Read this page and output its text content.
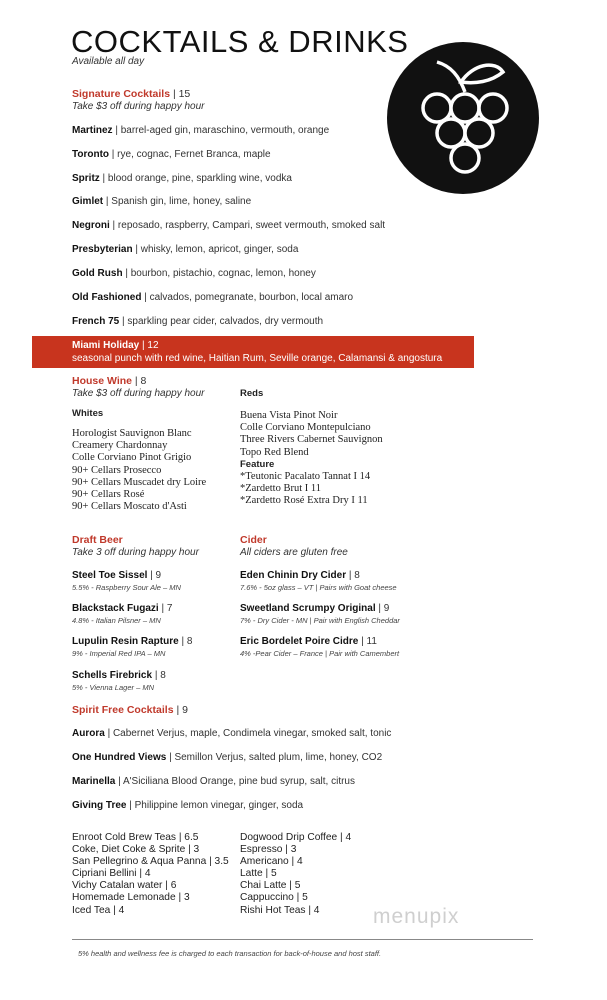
COCKTAILS & DRINKS
Available all day
Signature Cocktails | 15
Take $3 off during happy hour
Martinez | barrel-aged gin, maraschino, vermouth, orange
Toronto | rye, cognac, Fernet Branca, maple
Spritz | blood orange, pine, sparkling wine, vodka
Gimlet | Spanish gin, lime, honey, saline
Negroni | reposado, raspberry, Campari, sweet vermouth, smoked salt
Presbyterian | whisky, lemon, apricot, ginger, soda
Gold Rush | bourbon, pistachio, cognac, lemon, honey
Old Fashioned | calvados, pomegranate, bourbon, local amaro
French 75 | sparkling pear cider, calvados, dry vermouth
Miami Holiday | 12
seasonal punch with red wine, Haitian Rum, Seville orange, Calamansi & angostura
House Wine | 8
Take $3 off during happy hour
Whites
Horologist Sauvignon Blanc
Creamery Chardonnay
Colle Corviano Pinot Grigio
90+ Cellars Prosecco
90+ Cellars Muscadet dry Loire
90+ Cellars Rosé
90+ Cellars Moscato d'Asti
Reds
Buena Vista Pinot Noir
Colle Corviano Montepulciano
Three Rivers Cabernet Sauvignon
Topo Red Blend
Feature
*Teutonic Pacalato Tannat I 14
*Zardetto Brut I 11
*Zardetto Rosé Extra Dry I 11
Draft Beer
Take 3 off during happy hour
Steel Toe Sissel | 9
5.5% - Raspberry Sour Ale – MN
Blackstack Fugazi | 7
4.8% - Italian Pilsner – MN
Lupulin Resin Rapture | 8
9% - Imperial Red IPA – MN
Schells Firebrick | 8
5% - Vienna Lager – MN
Cider
All ciders are gluten free
Eden Chinin Dry Cider | 8
7.6% - 5oz glass – VT | Pairs with Goat cheese
Sweetland Scrumpy Original | 9
7% - Dry Cider - MN | Pair with English Cheddar
Eric Bordelet Poire Cidre | 11
4% -Pear Cider – France | Pair with Camembert
Spirit Free Cocktails | 9
Aurora | Cabernet Verjus, maple, Condimela vinegar, smoked salt, tonic
One Hundred Views | Semillon Verjus, salted plum, lime, honey, CO2
Marinella | A'Siciliana Blood Orange, pine bud syrup, salt, citrus
Giving Tree | Philippine lemon vinegar, ginger, soda
Enroot Cold Brew Teas | 6.5
Coke, Diet Coke & Sprite | 3
San Pellegrino & Aqua Panna | 3.5
Cipriani Bellini | 4
Vichy Catalan water | 6
Homemade Lemonade | 3
Iced Tea | 4
Dogwood Drip Coffee | 4
Espresso | 3
Americano | 4
Latte | 5
Chai Latte | 5
Cappuccino | 5
Rishi Hot Teas | 4	menupix
5% health and wellness fee is charged to each transaction for back-of-house and host staff.
